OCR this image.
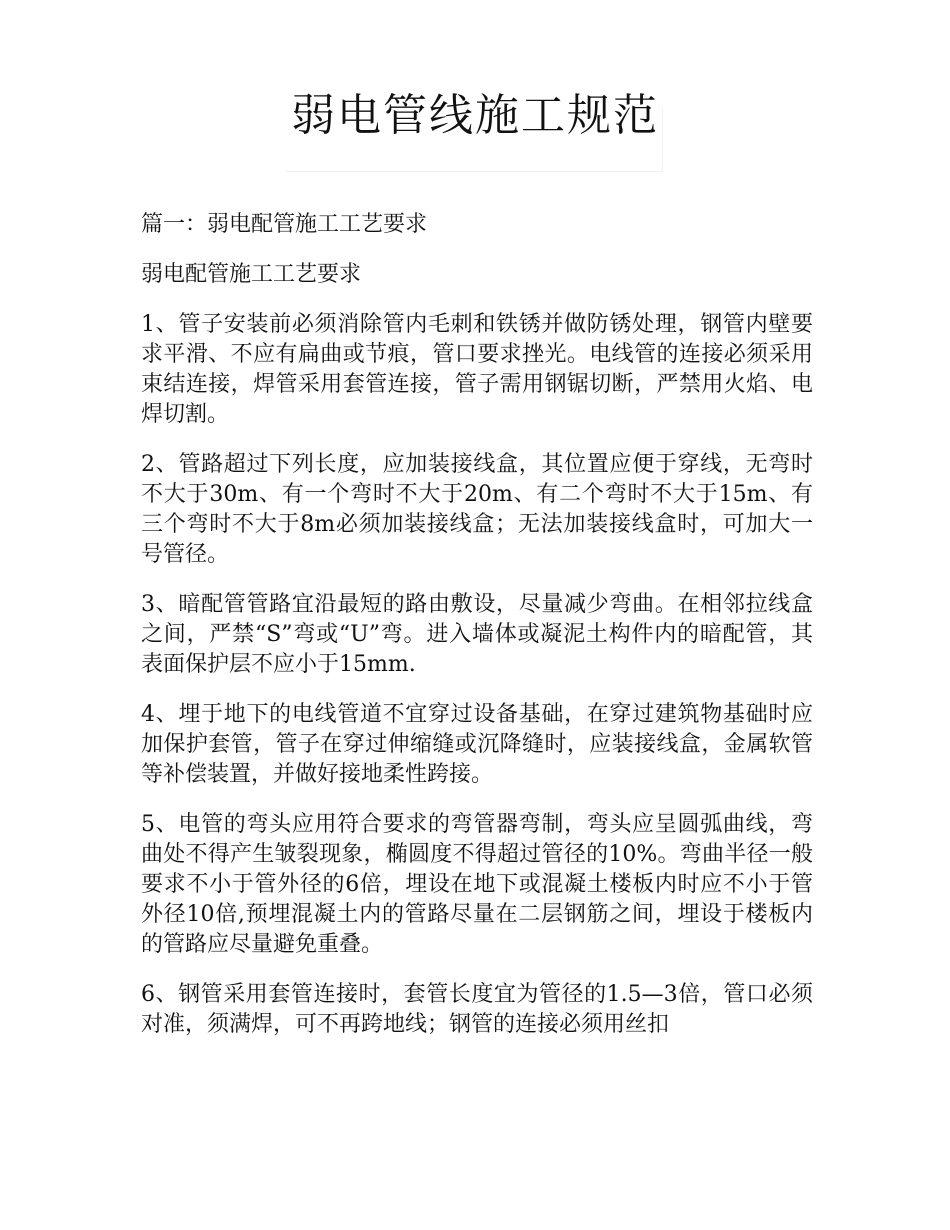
弱电管线施工规范

篇一：弱电配管施工工艺要求

弱电配管施工工艺要求

1、管子安装前必须消除管内毛刺和铁锈并做防锈处理，钢管内壁要求平滑、不应有扁曲或节痕，管口要求挫光。电线管的连接必须采用束结连接，焊管采用套管连接，管子需用钢锯切断，严禁用火焰、电焊切割。

2、管路超过下列长度，应加装接线盒，其位置应便于穿线，无弯时不大于30m、有一个弯时不大于20m、有二个弯时不大于15m、有三个弯时不大于8m必须加装接线盒；无法加装接线盒时，可加大一号管径。

3、暗配管管路宜沿最短的路由敷设，尽量减少弯曲。在相邻拉线盒之间，严禁“S”弯或“U”弯。进入墙体或凝泥土构件内的暗配管，其表面保护层不应小于15mm.

4、埋于地下的电线管道不宜穿过设备基础，在穿过建筑物基础时应加保护套管，管子在穿过伸缩缝或沉降缝时，应装接线盒，金属软管等补偿装置，并做好接地柔性跨接。

5、电管的弯头应用符合要求的弯管器弯制，弯头应呈圆弧曲线，弯曲处不得产生皱裂现象，椭圆度不得超过管径的10%。弯曲半径一般要求不小于管外径的6倍，埋设在地下或混凝土楼板内时应不小于管外径10倍,预埋混凝土内的管路尽量在二层钢筋之间，埋设于楼板内的管路应尽量避免重叠。

6、钢管采用套管连接时，套管长度宜为管径的1.5—3倍，管口必须对准，须满焊，可不再跨地线；钢管的连接必须用丝扣
